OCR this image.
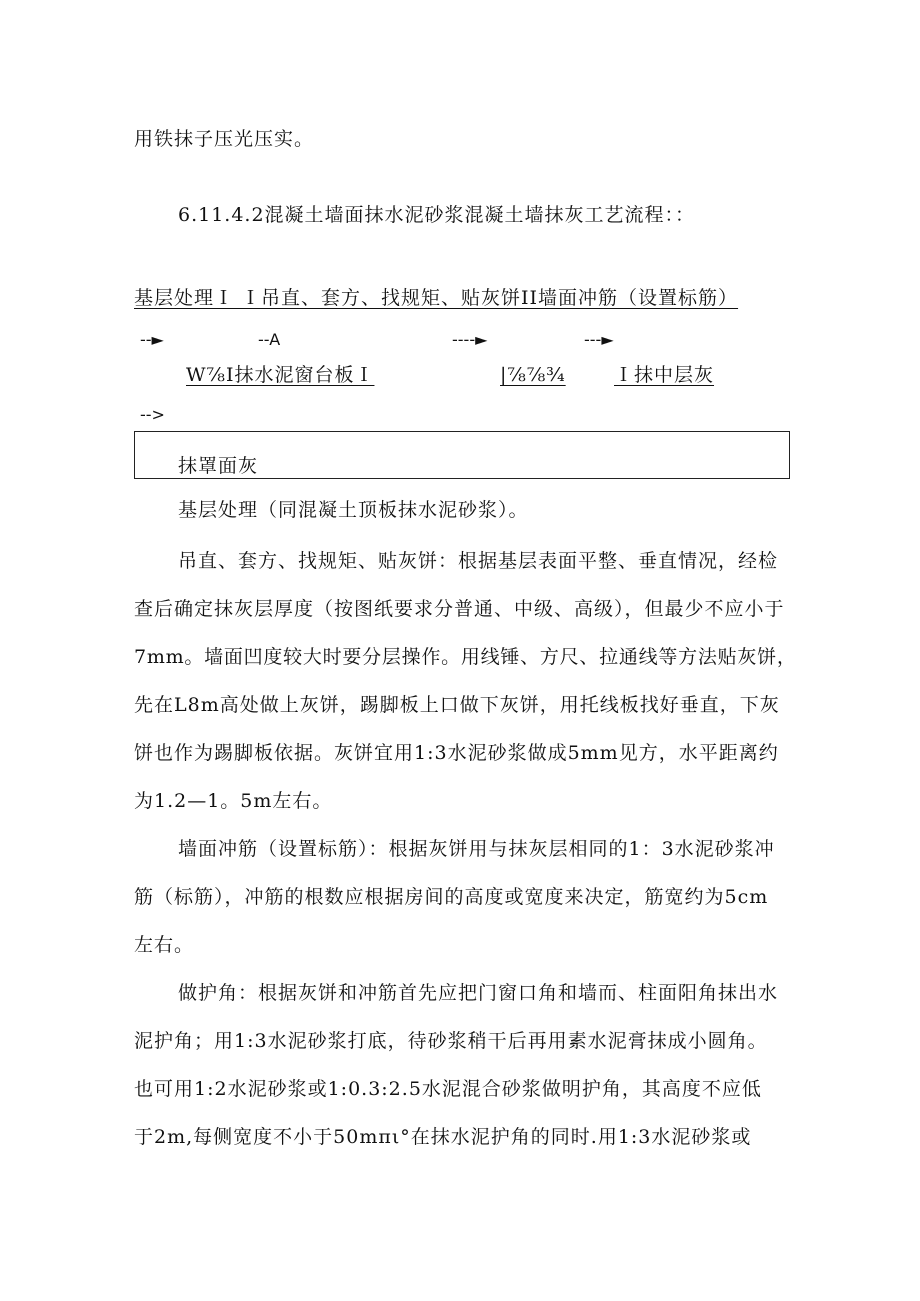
用铁抹子压光压实。
6.11.4.2混凝土墙面抹水泥砂浆混凝土墙抹灰工艺流程：：
基层处理Ｉ Ｉ吊直、套方、找规矩、贴灰饼II墙面冲筋（设置标筋）
--►	--A	----►	---►
W⅞I抹水泥窗台板Ｉ	|⅞⅞¾	Ｉ抹中层灰
-->
抹罩面灰
基层处理（同混凝土顶板抹水泥砂浆）。
吊直、套方、找规矩、贴灰饼：根据基层表面平整、垂直情况，经检
查后确定抹灰层厚度（按图纸要求分普通、中级、高级），但最少不应小于
7mm。墙面凹度较大时要分层操作。用线锤、方尺、拉通线等方法贴灰饼，
先在L8m高处做上灰饼，踢脚板上口做下灰饼，用托线板找好垂直，下灰
饼也作为踢脚板依据。灰饼宜用1:3水泥砂浆做成5mm见方，水平距离约
为1.2—1。5m左右。
墙面冲筋（设置标筋）：根据灰饼用与抹灰层相同的1：3水泥砂浆冲
筋（标筋），冲筋的根数应根据房间的高度或宽度来决定，筋宽约为5cm
左右。
做护角：根据灰饼和冲筋首先应把门窗口角和墙而、柱面阳角抹出水
泥护角；用1:3水泥砂浆打底，待砂浆稍干后再用素水泥膏抹成小圆角。
也可用1:2水泥砂浆或1:0.3:2.5水泥混合砂浆做明护角，其高度不应低
于2m,每侧宽度不小于50mπι°在抹水泥护角的同时.用1:3水泥砂浆或
